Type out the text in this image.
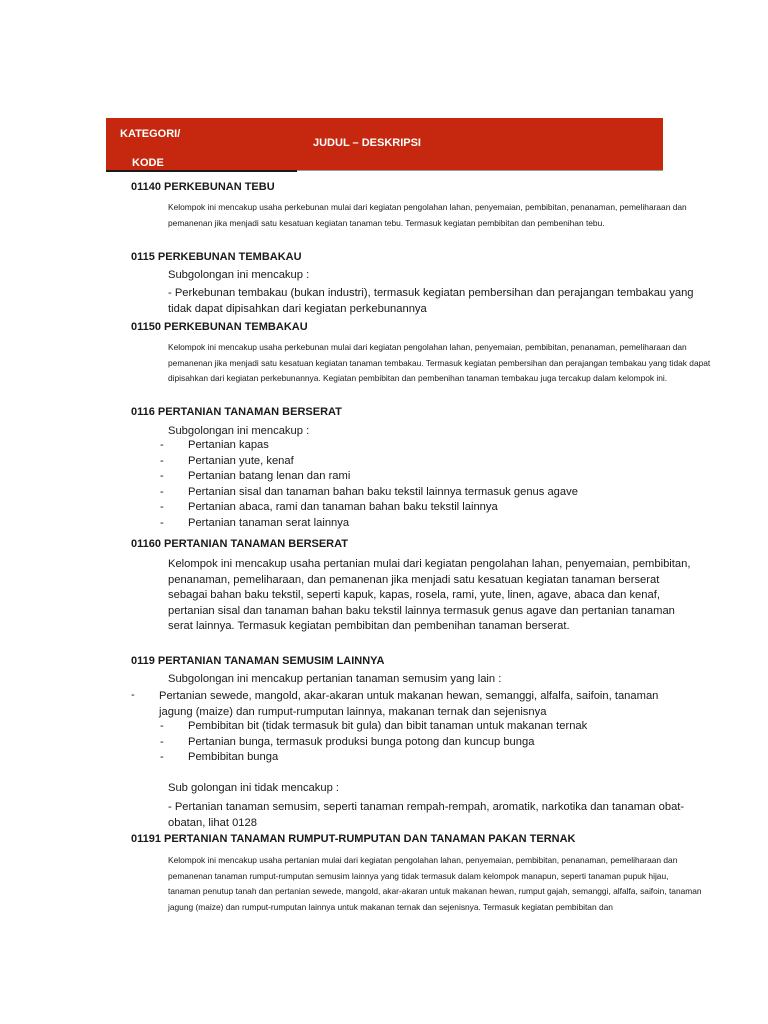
KATEGORI/
KODE
JUDUL – DESKRIPSI
01140 PERKEBUNAN TEBU
Kelompok ini mencakup usaha perkebunan mulai dari kegiatan pengolahan lahan, penyemaian, pembibitan, penanaman, pemeliharaan dan pemanenan jika menjadi satu kesatuan kegiatan tanaman tebu. Termasuk kegiatan pembibitan dan pembenihan tebu.
0115 PERKEBUNAN TEMBAKAU
Subgolongan ini mencakup :
- Perkebunan tembakau (bukan industri), termasuk kegiatan pembersihan dan perajangan tembakau yang tidak dapat dipisahkan dari kegiatan perkebunannya
01150 PERKEBUNAN TEMBAKAU
Kelompok ini mencakup usaha perkebunan mulai dari kegiatan pengolahan lahan, penyemaian, pembibitan, penanaman, pemeliharaan dan pemanenan jika menjadi satu kesatuan kegiatan tanaman tembakau. Termasuk kegiatan pembersihan dan perajangan tembakau yang tidak dapat dipisahkan dari kegiatan perkebunannya. Kegiatan pembibitan dan pembenihan tanaman tembakau juga tercakup dalam kelompok ini.
0116 PERTANIAN TANAMAN BERSERAT
Subgolongan ini mencakup :
- Pertanian kapas
- Pertanian yute, kenaf
- Pertanian batang lenan dan rami
- Pertanian sisal dan tanaman bahan baku tekstil lainnya termasuk genus agave
- Pertanian abaca, rami dan tanaman bahan baku tekstil lainnya
- Pertanian tanaman serat lainnya
01160 PERTANIAN TANAMAN BERSERAT
Kelompok ini mencakup usaha pertanian mulai dari kegiatan pengolahan lahan, penyemaian, pembibitan, penanaman, pemeliharaan, dan pemanenan jika menjadi satu kesatuan kegiatan tanaman berserat sebagai bahan baku tekstil, seperti kapuk, kapas, rosela, rami, yute, linen, agave, abaca dan kenaf, pertanian sisal dan tanaman bahan baku tekstil lainnya termasuk genus agave dan pertanian tanaman serat lainnya. Termasuk kegiatan pembibitan dan pembenihan tanaman berserat.
0119 PERTANIAN TANAMAN SEMUSIM LAINNYA
Subgolongan ini mencakup pertanian tanaman semusim yang lain :
- Pertanian sewede, mangold, akar-akaran untuk makanan hewan, semanggi, alfalfa, saifoin, tanaman jagung (maize) dan rumput-rumputan lainnya, makanan ternak dan sejenisnya
- Pembibitan bit (tidak termasuk bit gula) dan bibit tanaman untuk makanan ternak
- Pertanian bunga, termasuk produksi bunga potong dan kuncup bunga
- Pembibitan bunga
Sub golongan ini tidak mencakup :
- Pertanian tanaman semusim, seperti tanaman rempah-rempah, aromatik, narkotika dan tanaman obat-obatan, lihat 0128
01191 PERTANIAN TANAMAN RUMPUT-RUMPUTAN DAN TANAMAN PAKAN TERNAK
Kelompok ini mencakup usaha pertanian mulai dari kegiatan pengolahan lahan, penyemaian, pembibitan, penanaman, pemeliharaan dan pemanenan tanaman rumput-rumputan semusim lainnya yang tidak termasuk dalam kelompok manapun, seperti tanaman pupuk hijau, tanaman penutup tanah dan pertanian sewede, mangold, akar-akaran untuk makanan hewan, rumput gajah, semanggi, alfalfa, saifoin, tanaman jagung (maize) dan rumput-rumputan lainnya untuk makanan ternak dan sejenisnya. Termasuk kegiatan pembibitan dan
